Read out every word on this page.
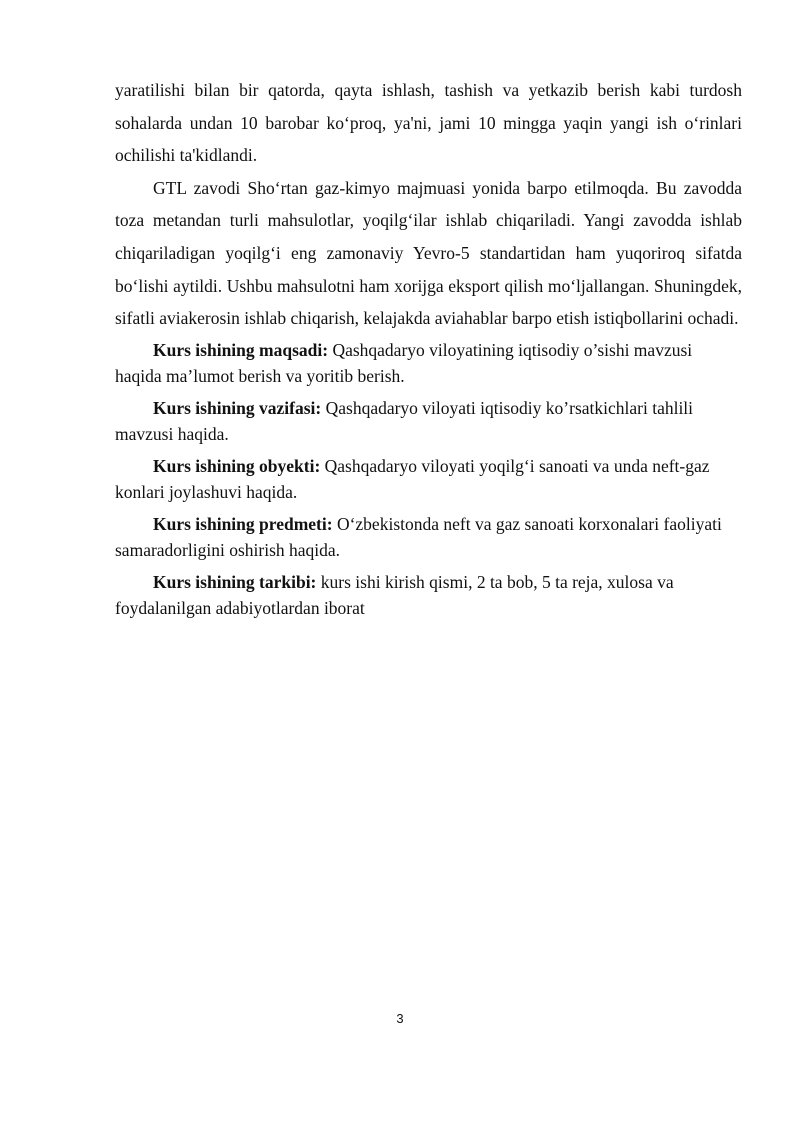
yaratilishi bilan bir qatorda, qayta ishlash, tashish va yetkazib berish kabi turdosh sohalarda undan 10 barobar ko‘proq, ya'ni, jami 10 mingga yaqin yangi ish o‘rinlari ochilishi ta'kidlandi.

GTL zavodi Sho‘rtan gaz-kimyo majmuasi yonida barpo etilmoqda. Bu zavodda toza metandan turli mahsulotlar, yoqilg‘ilar ishlab chiqariladi. Yangi zavodda ishlab chiqariladigan yoqilg‘i eng zamonaviy Yevro-5 standartidan ham yuqoriroq sifatda bo‘lishi aytildi. Ushbu mahsulotni ham xorijga eksport qilish mo‘ljallangan. Shuningdek, sifatli aviakerosin ishlab chiqarish, kelajakda aviahablar barpo etish istiqbollarini ochadi.

Kurs ishining maqsadi: Qashqadaryo viloyatining iqtisodiy o’sishi mavzusi haqida ma’lumot berish va yoritib berish.

Kurs ishining vazifasi: Qashqadaryo viloyati iqtisodiy ko’rsatkichlari tahlili mavzusi haqida.

Kurs ishining obyekti: Qashqadaryo viloyati yoqilg‘i sanoati va unda neft-gaz konlari joylashuvi haqida.

Kurs ishining predmeti: O‘zbekistonda neft va gaz sanoati korxonalari faoliyati samaradorligini oshirish haqida.

Kurs ishining tarkibi: kurs ishi kirish qismi, 2 ta bob, 5 ta reja, xulosa va foydalanilgan adabiyotlardan iborat

3
